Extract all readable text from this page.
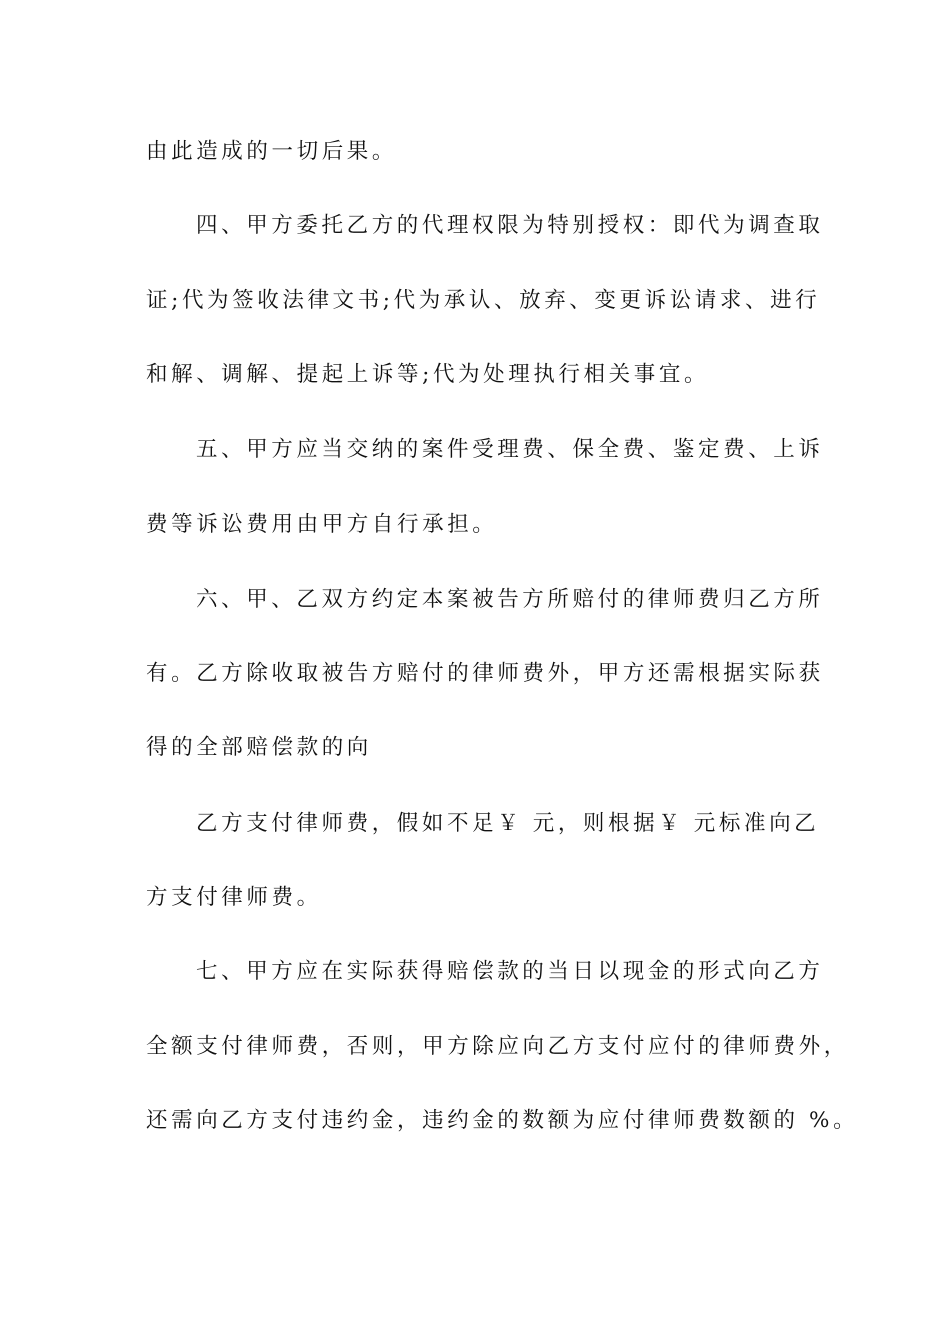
由此造成的一切后果。
四、甲方委托乙方的代理权限为特别授权：即代为调查取
证;代为签收法律文书;代为承认、放弃、变更诉讼请求、进行
和解、调解、提起上诉等;代为处理执行相关事宜。
五、甲方应当交纳的案件受理费、保全费、鉴定费、上诉
费等诉讼费用由甲方自行承担。
六、甲、乙双方约定本案被告方所赔付的律师费归乙方所
有。乙方除收取被告方赔付的律师费外，甲方还需根据实际获
得的全部赔偿款的向
乙方支付律师费，假如不足￥ 元，则根据￥ 元标准向乙
方支付律师费。
七、甲方应在实际获得赔偿款的当日以现金的形式向乙方
全额支付律师费，否则，甲方除应向乙方支付应付的律师费外，
还需向乙方支付违约金，违约金的数额为应付律师费数额的 %。
